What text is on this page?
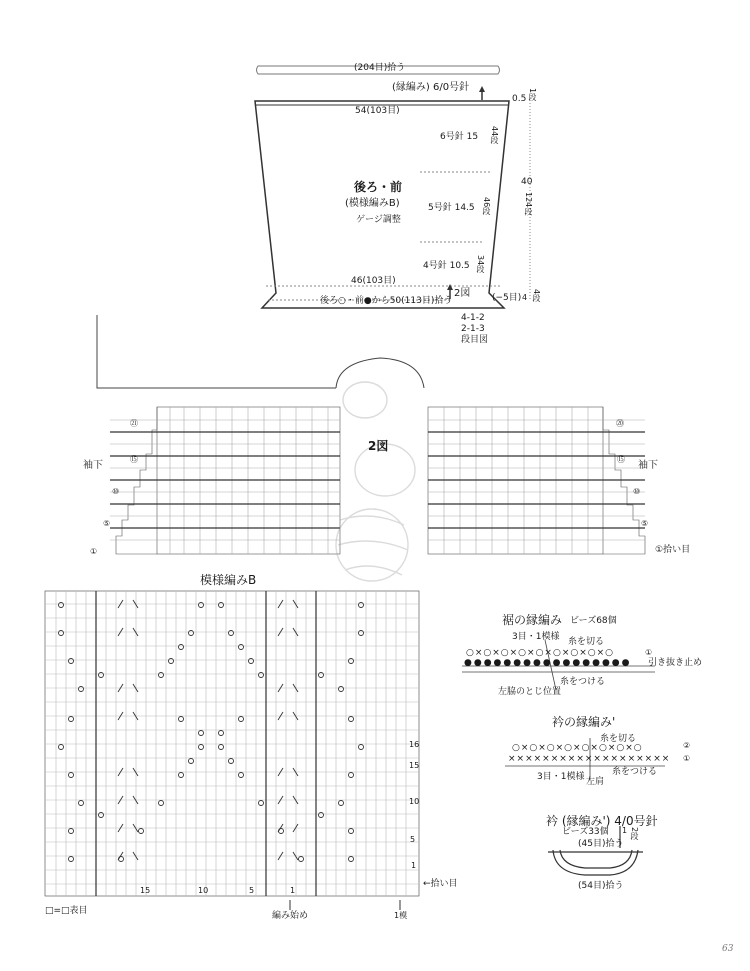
(204目)拾う
(縁編み) 6/0号針
54(103目)
0.5 1段
6号針 15 44段
後ろ・前
(模様編みB)
ゲージ調整
5号針 14.5 46段
40
124段
4号針 10.5 34段
46(103目)
後ろ○・前●から50(113目)拾う
2図 (−5目) 4 4段
4-1-2
2-1-3
段目図
袖下	袖下
2図
①拾い目
㉑
⑮
⑩
⑤
①
⑳
⑮
⑩
⑤
模様編みB
16
15
10
5
1
15	10	5	1
←拾い目
編み始め	1模
□=□表目
裾の縁編み ビーズ68個
3目・1模様 糸を切る
○×○×○×○×○×○×○×○×○
●●●●●●●●●●●●●●●●●
①
引き抜き止め
糸をつける
左脇のとじ位置
衿の縁編み'
糸を切る
○×○×○×○×○×○×○×○
×××××××××××××××××××
②
①
3目・1模様	糸をつける
左肩
衿 (縁編み') 4/0号針
ビーズ33個
(45目)拾う
1 2段
(54目)拾う
63
